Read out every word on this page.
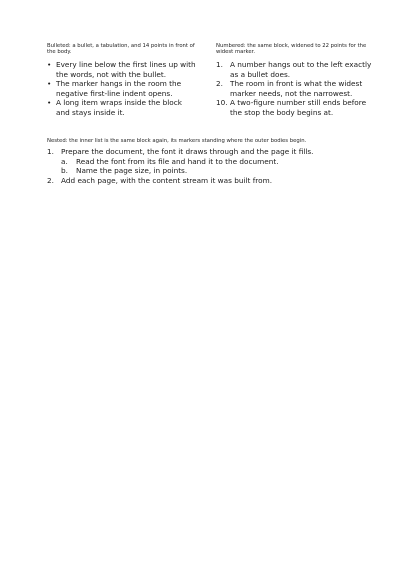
Bulleted: a bullet, a tabulation, and 14 points in front of the body.

• Every line below the first lines up with the words, not with the bullet.
• The marker hangs in the room the negative first-line indent opens.
• A long item wraps inside the block and stays inside it.

Numbered: the same block, widened to 22 points for the widest marker.

1. A number hangs out to the left exactly as a bullet does.
2. The room in front is what the widest marker needs, not the narrowest.
10. A two-figure number still ends before the stop the body begins at.

Nested: the inner list is the same block again, its markers standing where the outer bodies begin.

1. Prepare the document, the font it draws through and the page it fills.
a.	Read the font from its file and hand it to the document.
b.	Name the page size, in points.
2. Add each page, with the content stream it was built from.
